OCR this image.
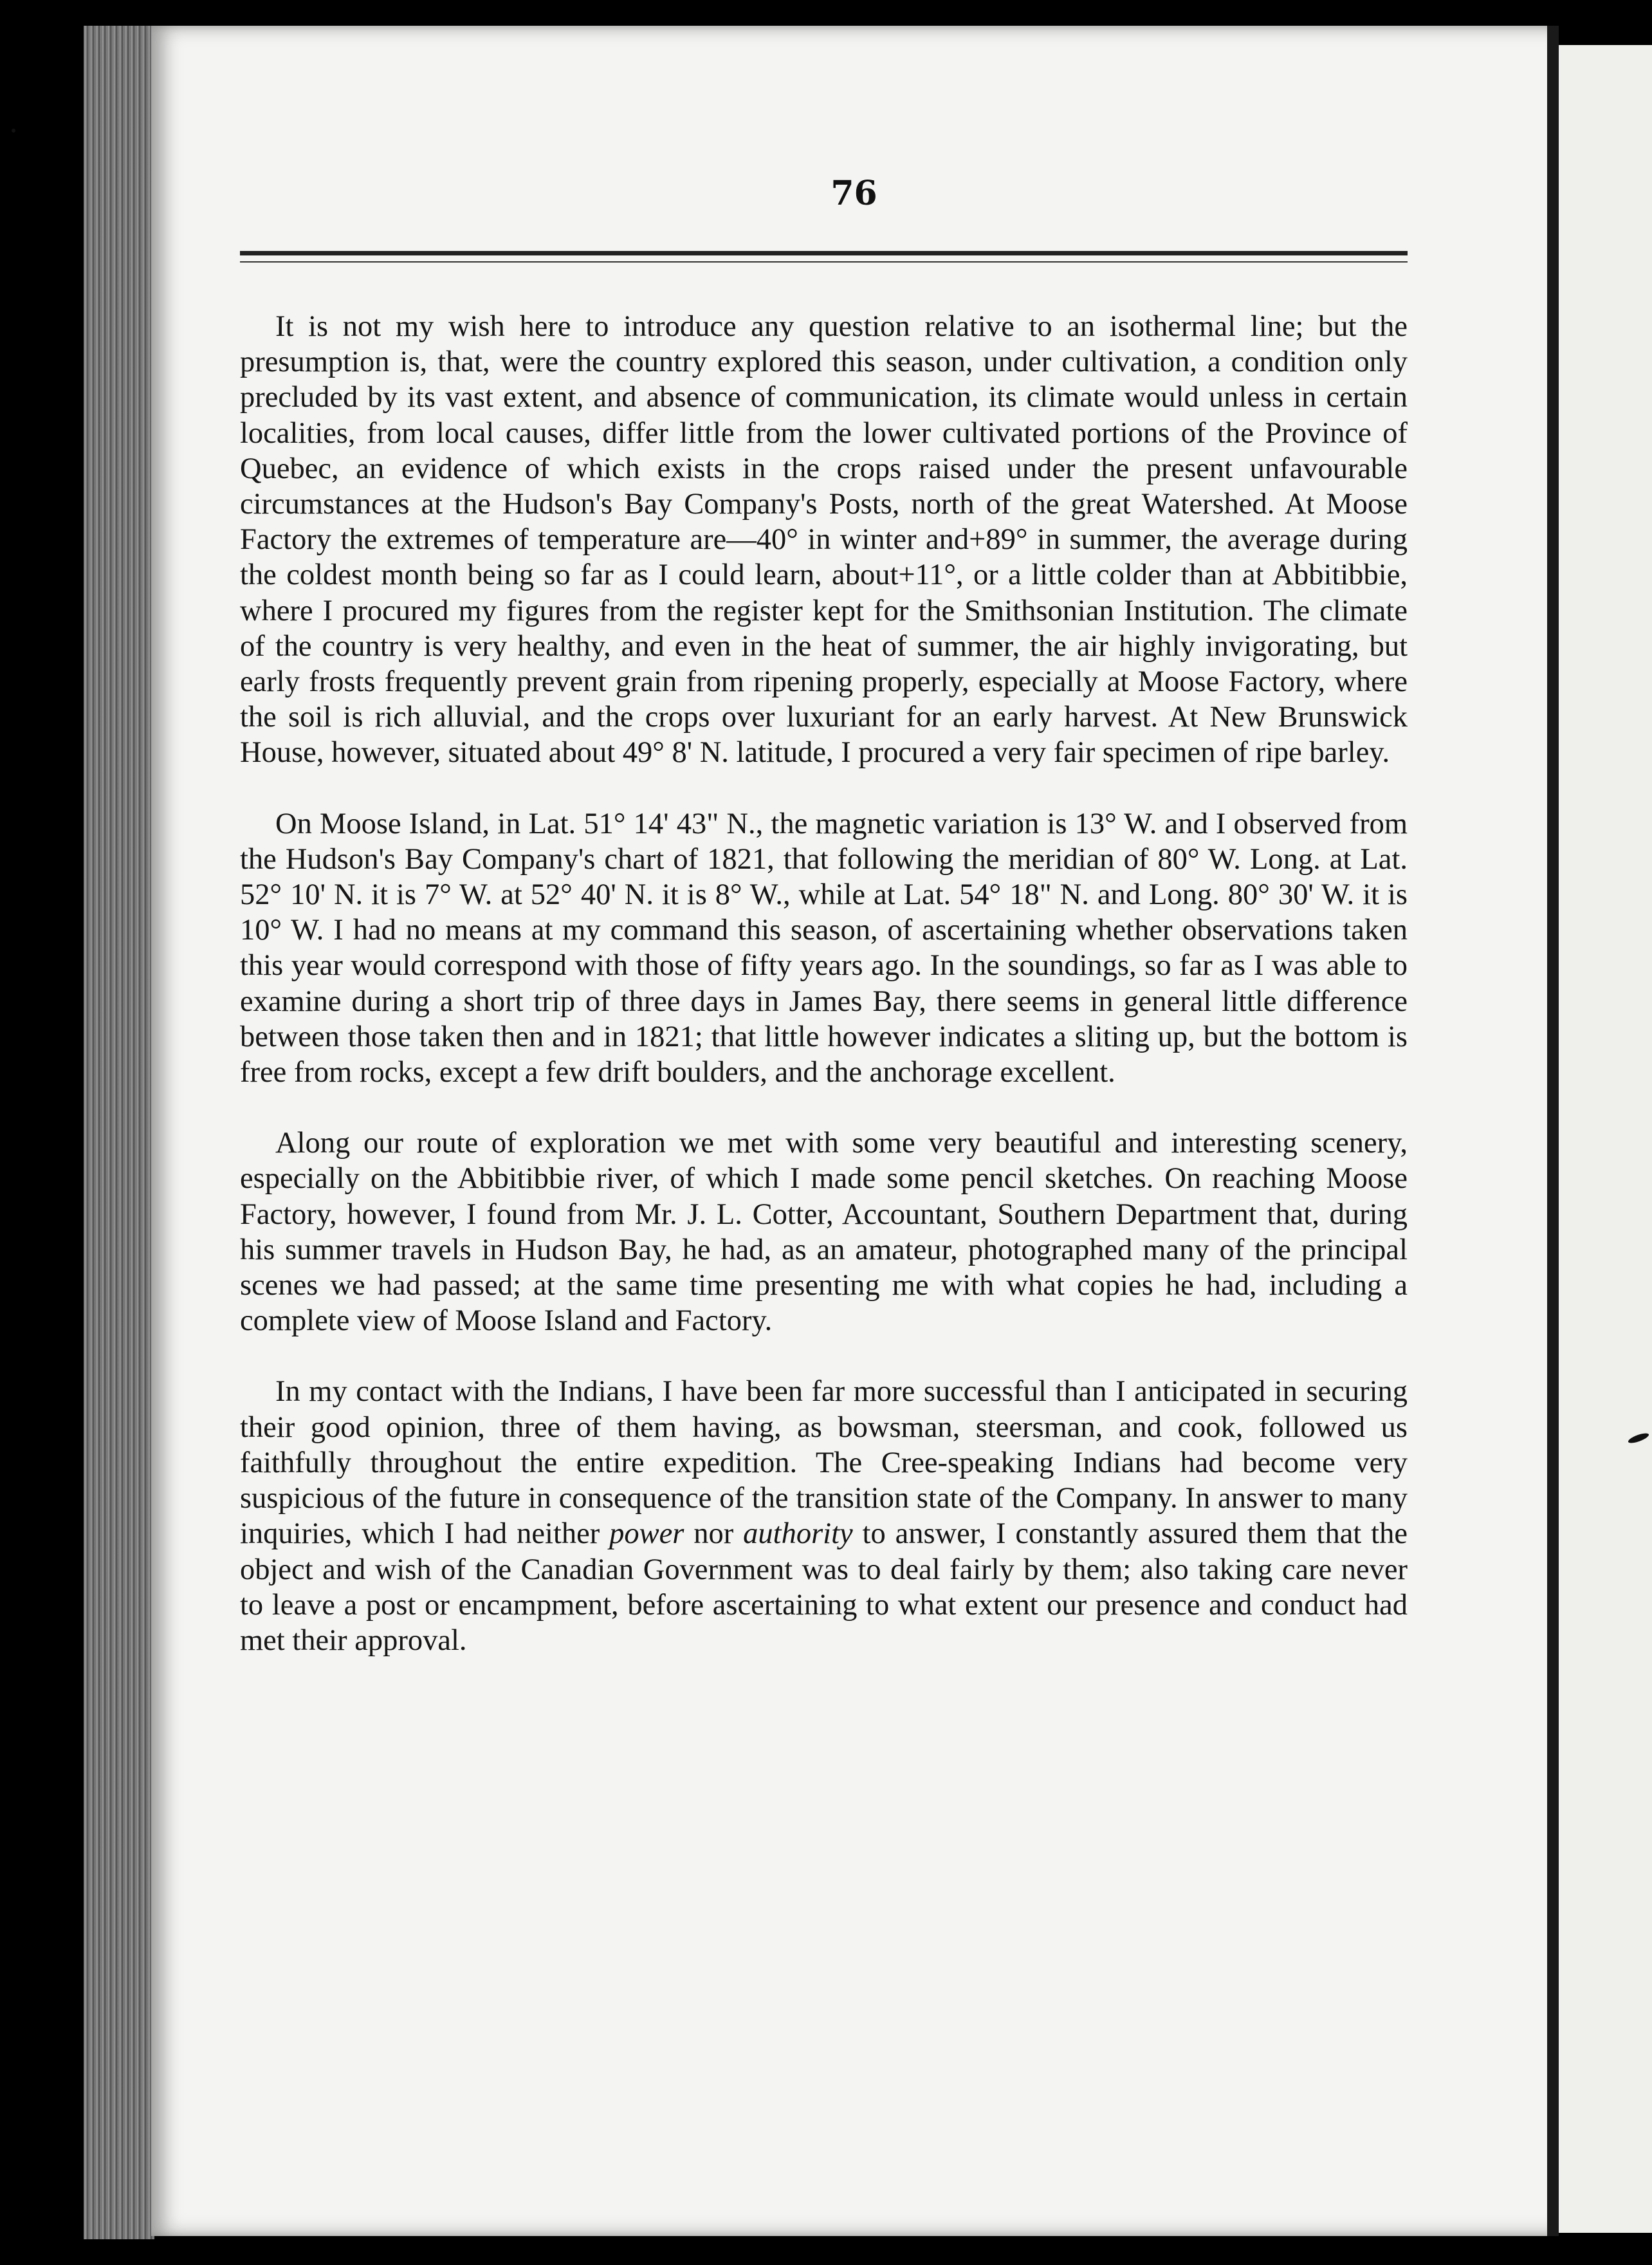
76

It is not my wish here to introduce any question relative to an isothermal line; but the presumption is, that, were the country explored this season, under cultivation, a condition only precluded by its vast extent, and absence of communication, its climate would unless in certain localities, from local causes, differ little from the lower cultivated portions of the Province of Quebec, an evidence of which exists in the crops raised under the present unfavourable circumstances at the Hudson's Bay Company's Posts, north of the great Watershed. At Moose Factory the extremes of temperature are—40° in winter and+89° in summer, the average during the coldest month being so far as I could learn, about+11°, or a little colder than at Abbitibbie, where I procured my figures from the register kept for the Smithsonian Institution. The climate of the country is very healthy, and even in the heat of summer, the air highly invigorating, but early frosts frequently prevent grain from ripening properly, especially at Moose Factory, where the soil is rich alluvial, and the crops over luxuriant for an early harvest. At New Brunswick House, however, situated about 49° 8' N. latitude, I procured a very fair specimen of ripe barley.

On Moose Island, in Lat. 51° 14' 43" N., the magnetic variation is 13° W. and I observed from the Hudson's Bay Company's chart of 1821, that following the meridian of 80° W. Long. at Lat. 52° 10' N. it is 7° W. at 52° 40' N. it is 8° W., while at Lat. 54° 18" N. and Long. 80° 30' W. it is 10° W. I had no means at my command this season, of ascertaining whether observations taken this year would correspond with those of fifty years ago. In the soundings, so far as I was able to examine during a short trip of three days in James Bay, there seems in general little difference between those taken then and in 1821; that little however indicates a sliting up, but the bottom is free from rocks, except a few drift boulders, and the anchorage excellent.

Along our route of exploration we met with some very beautiful and interesting scenery, especially on the Abbitibbie river, of which I made some pencil sketches. On reaching Moose Factory, however, I found from Mr. J. L. Cotter, Accountant, Southern Department that, during his summer travels in Hudson Bay, he had, as an amateur, photographed many of the principal scenes we had passed; at the same time presenting me with what copies he had, including a complete view of Moose Island and Factory.

In my contact with the Indians, I have been far more successful than I anticipated in securing their good opinion, three of them having, as bowsman, steersman, and cook, followed us faithfully throughout the entire expedition. The Cree-speaking Indians had become very suspicious of the future in consequence of the transition state of the Company. In answer to many inquiries, which I had neither power nor authority to answer, I constantly assured them that the object and wish of the Canadian Government was to deal fairly by them; also taking care never to leave a post or encampment, before ascertaining to what extent our presence and conduct had met their approval.
